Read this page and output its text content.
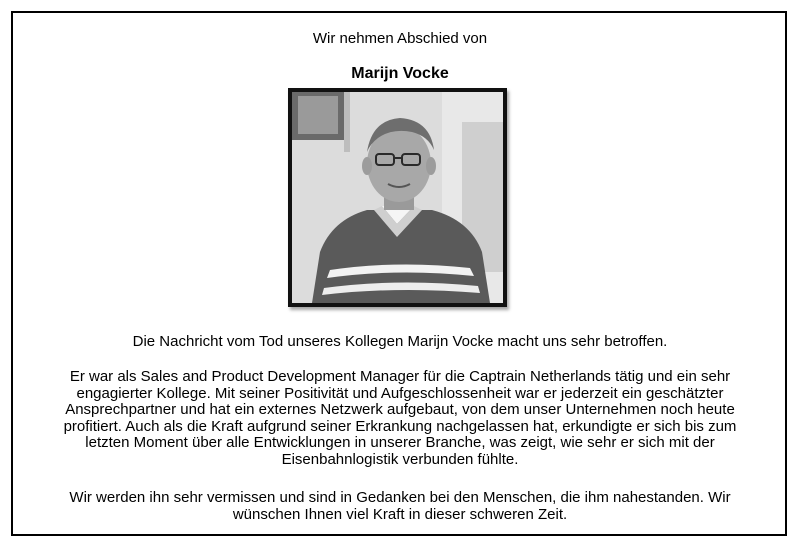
Wir nehmen Abschied von
Marijn Vocke
Die Nachricht vom Tod unseres Kollegen Marijn Vocke macht uns sehr betroffen.
Er war als Sales and Product Development Manager für die Captrain Netherlands tätig und ein sehr engagierter Kollege. Mit seiner Positivität und Aufgeschlossenheit war er jederzeit ein geschätzter Ansprechpartner und hat ein externes Netzwerk aufgebaut, von dem unser Unternehmen noch heute profitiert. Auch als die Kraft aufgrund seiner Erkrankung nachgelassen hat, erkundigte er sich bis zum letzten Moment über alle Entwicklungen in unserer Branche, was zeigt, wie sehr er sich mit der Eisenbahnlogistik verbunden fühlte.
Wir werden ihn sehr vermissen und sind in Gedanken bei den Menschen, die ihm nahestanden. Wir wünschen Ihnen viel Kraft in dieser schweren Zeit.
